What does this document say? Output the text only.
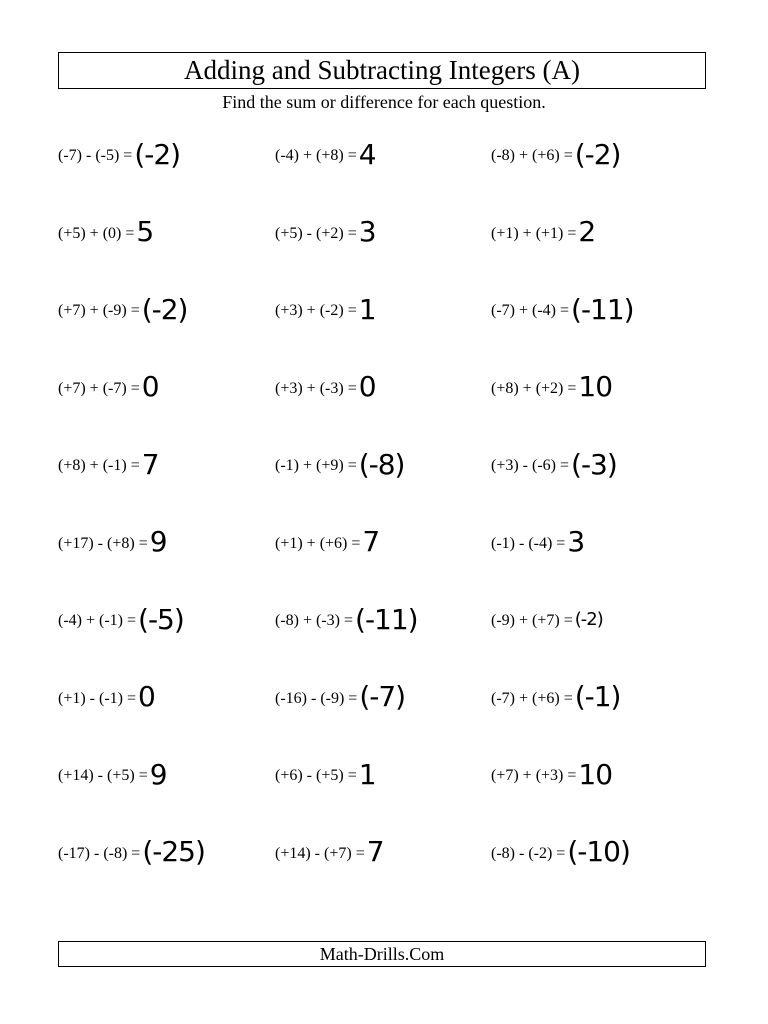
Adding and Subtracting Integers (A)
Find the sum or difference for each question.
(-7) - (-5) = (-2)
(+5) + (0) = 5
(+7) + (-9) = (-2)
(+7) + (-7) = 0
(+8) + (-1) = 7
(+17) - (+8) = 9
(-4) + (-1) = (-5)
(+1) - (-1) = 0
(+14) - (+5) = 9
(-17) - (-8) = (-25)
(-4) + (+8) = 4
(+5) - (+2) = 3
(+3) + (-2) = 1
(+3) + (-3) = 0
(-1) + (+9) = (-8)
(+1) + (+6) = 7
(-8) + (-3) = (-11)
(-16) - (-9) = (-7)
(+6) - (+5) = 1
(+14) - (+7) = 7
(-8) + (+6) = (-2)
(+1) + (+1) = 2
(-7) + (-4) = (-11)
(+8) + (+2) = 10
(+3) - (-6) = (-3)
(-1) - (-4) = 3
(-9) + (+7) = (-2)
(-7) + (+6) = (-1)
(+7) + (+3) = 10
(-8) - (-2) = (-10)
Math-Drills.Com
